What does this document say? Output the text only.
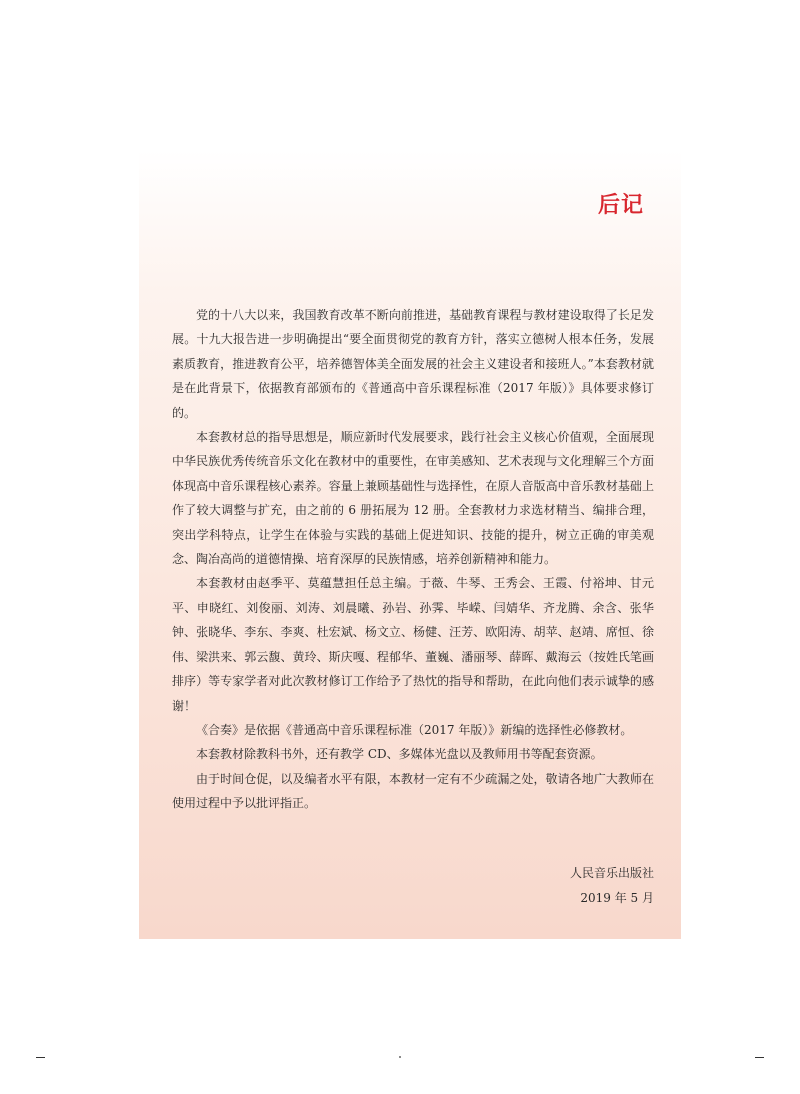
后记

党的十八大以来，我国教育改革不断向前推进，基础教育课程与教材建设取得了长足发展。十九大报告进一步明确提出“要全面贯彻党的教育方针，落实立德树人根本任务，发展素质教育，推进教育公平，培养德智体美全面发展的社会主义建设者和接班人。”本套教材就是在此背景下，依据教育部颁布的《普通高中音乐课程标准（2017 年版）》具体要求修订的。

本套教材总的指导思想是，顺应新时代发展要求，践行社会主义核心价值观，全面展现中华民族优秀传统音乐文化在教材中的重要性，在审美感知、艺术表现与文化理解三个方面体现高中音乐课程核心素养。容量上兼顾基础性与选择性，在原人音版高中音乐教材基础上作了较大调整与扩充，由之前的 6 册拓展为 12 册。全套教材力求选材精当、编排合理，突出学科特点，让学生在体验与实践的基础上促进知识、技能的提升，树立正确的审美观念、陶冶高尚的道德情操、培育深厚的民族情感，培养创新精神和能力。

本套教材由赵季平、莫蕴慧担任总主编。于薇、牛琴、王秀会、王霞、付裕坤、甘元平、申晓红、刘俊丽、刘涛、刘晨曦、孙岩、孙霁、毕嵘、闫婧华、齐龙腾、余含、张华钟、张晓华、李东、李爽、杜宏斌、杨文立、杨健、汪芳、欧阳涛、胡苹、赵靖、席恒、徐伟、梁洪来、郭云馥、黄玲、斯庆嘎、程郁华、董巍、潘丽琴、薛晖、戴海云（按姓氏笔画排序）等专家学者对此次教材修订工作给予了热忱的指导和帮助，在此向他们表示诚挚的感谢！

《合奏》是依据《普通高中音乐课程标准（2017 年版）》新编的选择性必修教材。

本套教材除教科书外，还有教学 CD、多媒体光盘以及教师用书等配套资源。

由于时间仓促，以及编者水平有限，本教材一定有不少疏漏之处，敬请各地广大教师在使用过程中予以批评指正。

人民音乐出版社
2019 年 5 月
